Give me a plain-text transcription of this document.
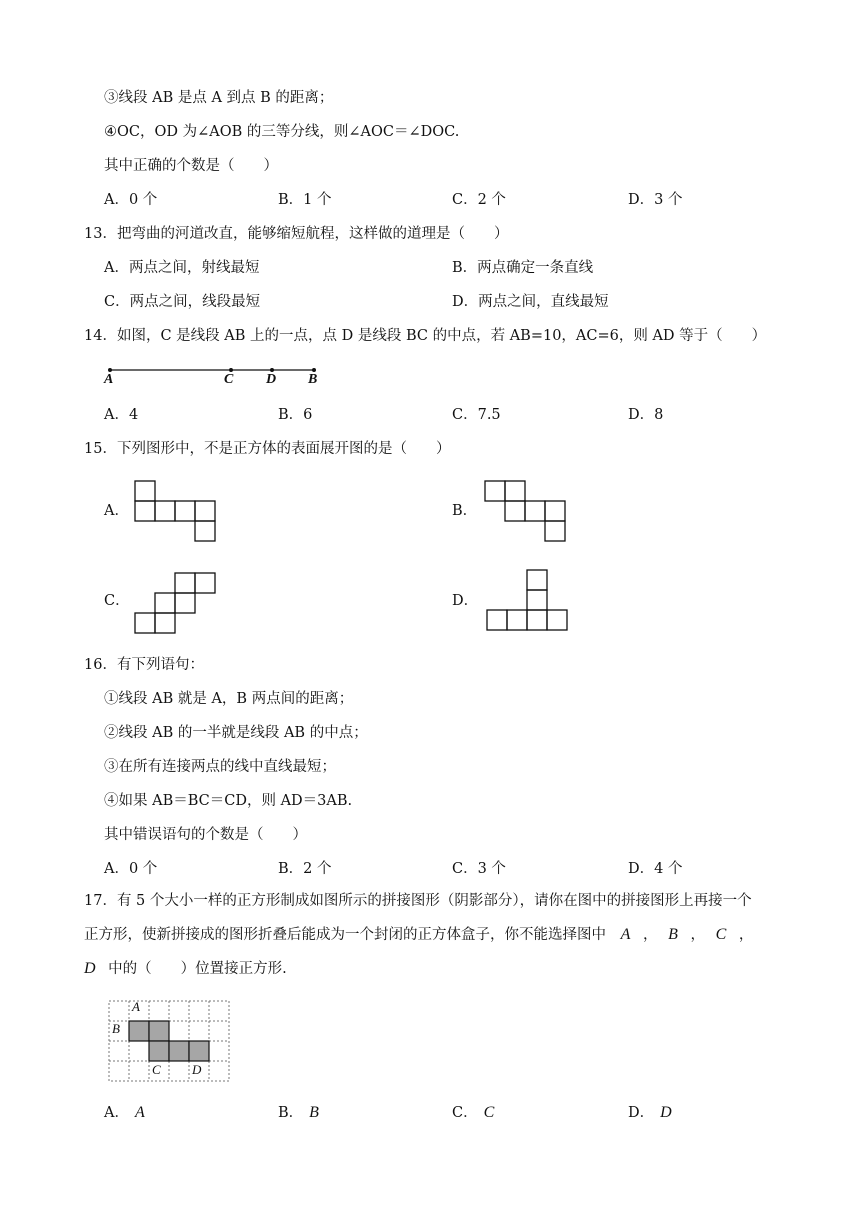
③线段 AB 是点 A 到点 B 的距离；
④OC，OD 为∠AOB 的三等分线，则∠AOC＝∠DOC.
其中正确的个数是（　　）
A．0 个	B．1 个	C．2 个	D．3 个
13．把弯曲的河道改直，能够缩短航程，这样做的道理是（　　）
A．两点之间，射线最短	B．两点确定一条直线
C．两点之间，线段最短	D．两点之间，直线最短
14．如图，C 是线段 AB 上的一点，点 D 是线段 BC 的中点，若 AB=10，AC=6，则 AD 等于（　　）
A	C D B
A．4	B．6	C．7.5	D．8
15．下列图形中，不是正方体的表面展开图的是（　　）
A．	B．
C．	D．
16．有下列语句：
①线段 AB 就是 A，B 两点间的距离；
②线段 AB 的一半就是线段 AB 的中点；
③在所有连接两点的线中直线最短；
④如果 AB＝BC＝CD，则 AD＝3AB.
其中错误语句的个数是（　　）
A．0 个	B．2 个	C．3 个	D．4 个
17．有 5 个大小一样的正方形制成如图所示的拼接图形（阴影部分），请你在图中的拼接图形上再接一个
正方形，使新拼接成的图形折叠后能成为一个封闭的正方体盒子，你不能选择图中 A ， B ， C ，
D 中的（　　）位置接正方形.
A
B
C D
A． A	B． B	C． C	D． D
